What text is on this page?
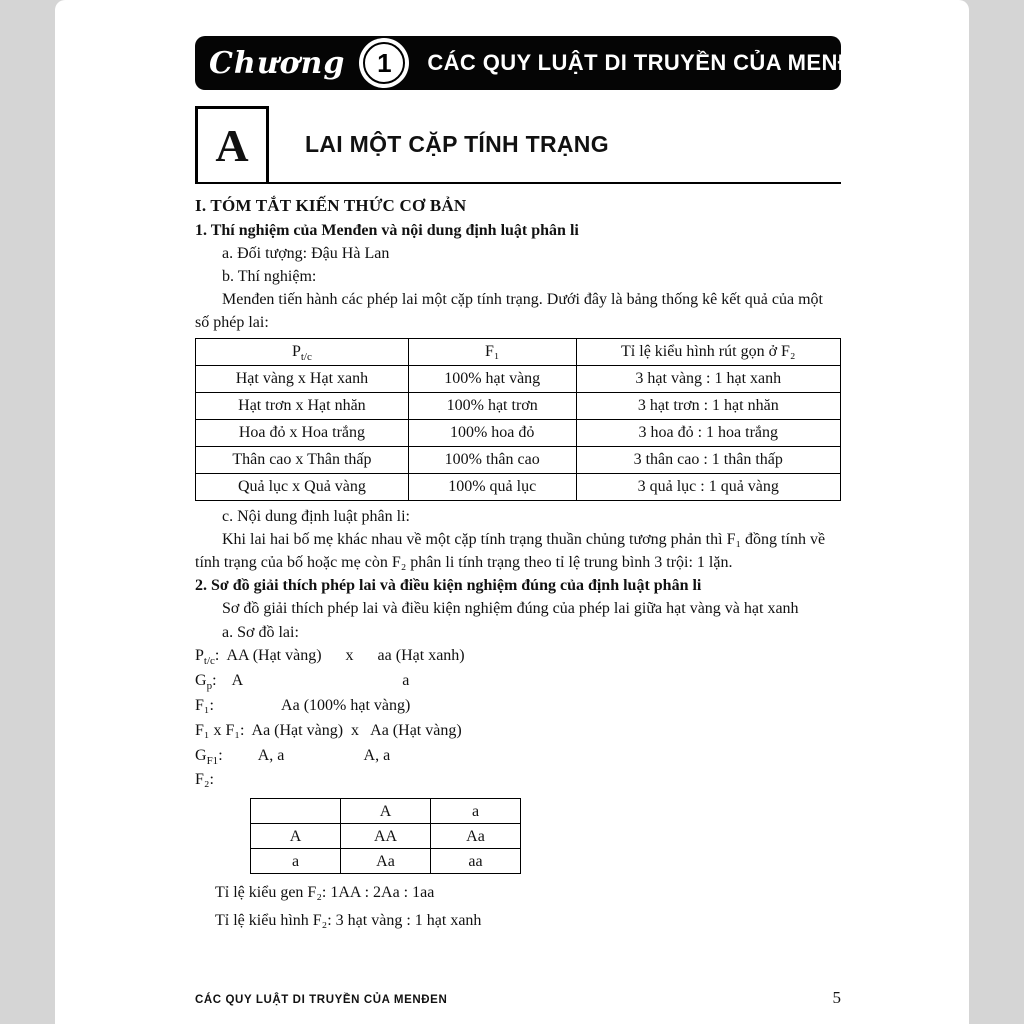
Chương	1 CÁC QUY LUẬT DI TRUYỀN CỦA MENĐEN
A LAI MỘT CẶP TÍNH TRẠNG

I. TÓM TẮT KIẾN THỨC CƠ BẢN

1. Thí nghiệm của Menđen và nội dung định luật phân li

a. Đối tượng: Đậu Hà Lan

b. Thí nghiệm:

Menđen tiến hành các phép lai một cặp tính trạng. Dưới đây là bảng thống kê kết quả của một số phép lai:

$P_{t/c}$	F₁	Tỉ lệ kiểu hình rút gọn ở F₂
Hạt vàng x Hạt xanh	100% hạt vàng	3 hạt vàng : 1 hạt xanh
Hạt trơn x Hạt nhăn	100% hạt trơn	3 hạt trơn : 1 hạt nhăn
Hoa đỏ x Hoa trắng	100% hoa đỏ	3 hoa đỏ : 1 hoa trắng
Thân cao x Thân thấp	100% thân cao	3 thân cao : 1 thân thấp
Quả lục x Quả vàng	100% quả lục	3 quả lục : 1 quả vàng

c. Nội dung định luật phân li:

Khi lai hai bố mẹ khác nhau về một cặp tính trạng thuần chủng tương phản thì F₁ đồng tính về tính trạng của bố hoặc mẹ còn F₂ phân li tính trạng theo tỉ lệ trung bình 3 trội: 1 lặn.

2. Sơ đồ giải thích phép lai và điều kiện nghiệm đúng của định luật phân li

Sơ đồ giải thích phép lai và điều kiện nghiệm đúng của phép lai giữa hạt vàng và hạt xanh

a. Sơ đồ lai:

$P_{t/c}$:  AA (Hạt vàng)      x      aa (Hạt xanh)
$G_p$:    A                                        a
F₁:                 Aa (100% hạt vàng)
F₁ x F₁:  Aa (Hạt vàng)  x   Aa (Hạt vàng)
$G_{F1}$:         A, a                    A, a
F₂:
	A	a
A	AA	Aa
a	Aa	aa

Tỉ lệ kiểu gen F₂: 1AA : 2Aa : 1aa

Tỉ lệ kiểu hình F₂: 3 hạt vàng : 1 hạt xanh

CÁC QUY LUẬT DI TRUYỀN CỦA MENĐEN	5
